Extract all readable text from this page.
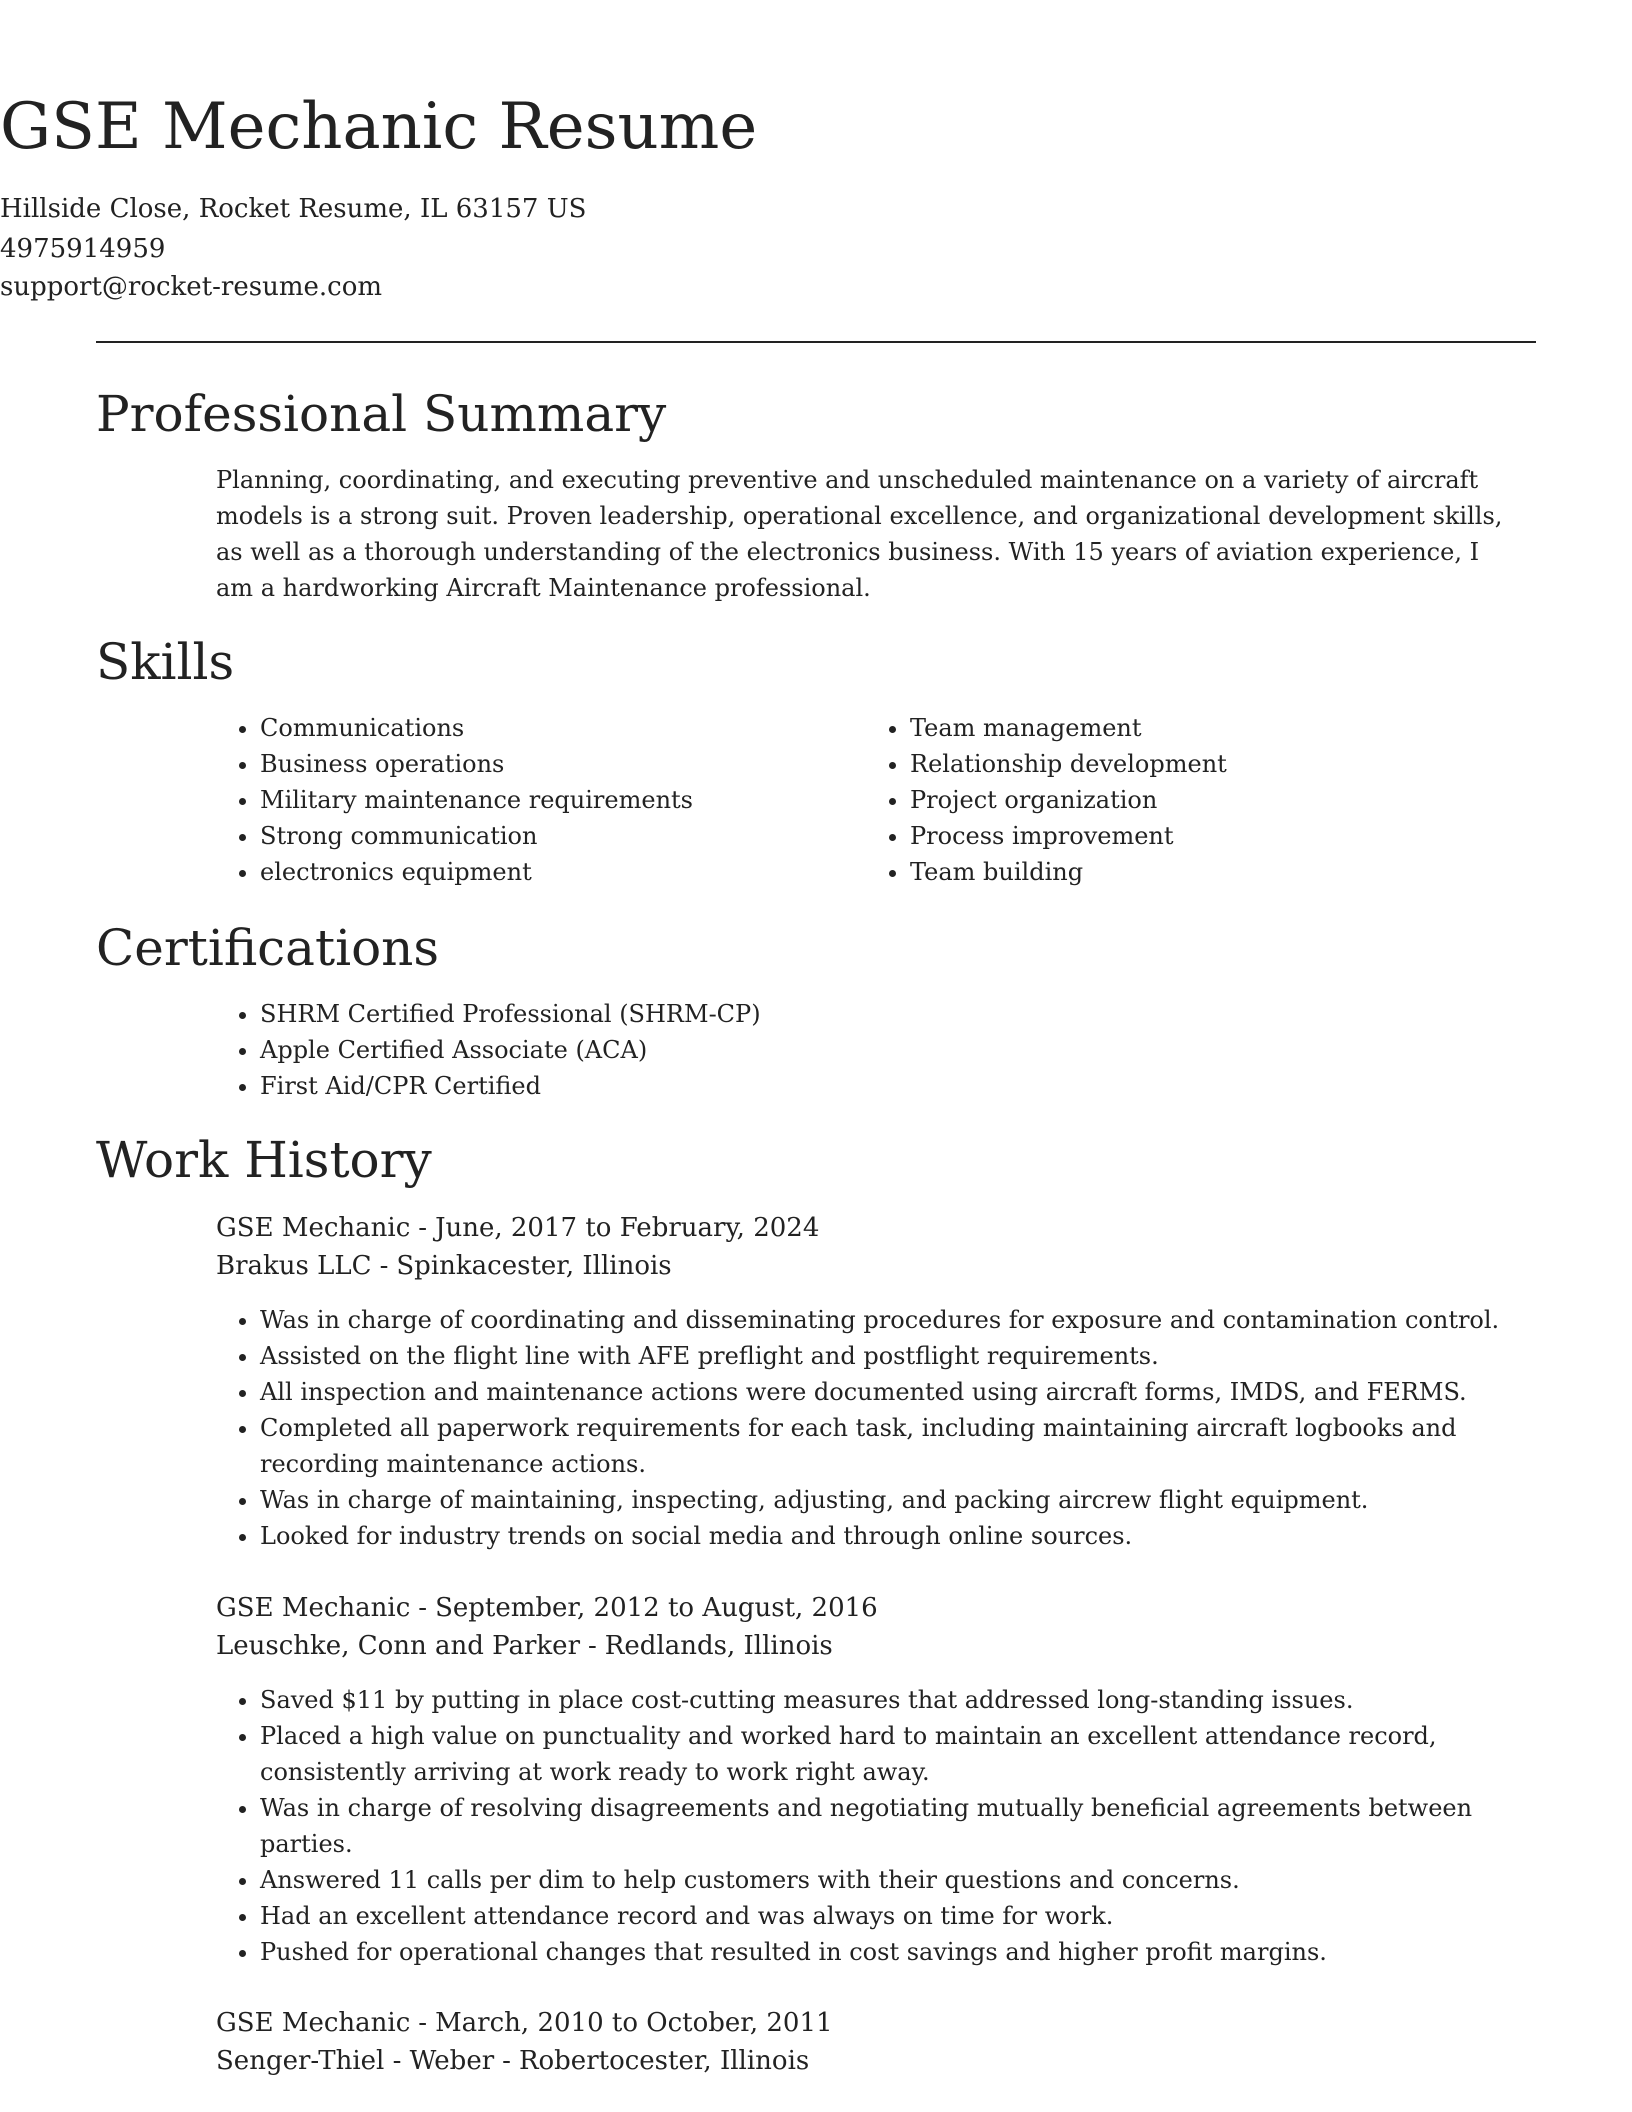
GSE Mechanic Resume
Hillside Close, Rocket Resume, IL 63157 US
4975914959
support@rocket-resume.com
Professional Summary
Planning, coordinating, and executing preventive and unscheduled maintenance on a variety of aircraft models is a strong suit. Proven leadership, operational excellence, and organizational development skills, as well as a thorough understanding of the electronics business. With 15 years of aviation experience, I am a hardworking Aircraft Maintenance professional.
Skills
• Communications
• Business operations
• Military maintenance requirements
• Strong communication
• electronics equipment
• Team management
• Relationship development
• Project organization
• Process improvement
• Team building
Certifications
• SHRM Certified Professional (SHRM-CP)
• Apple Certified Associate (ACA)
• First Aid/CPR Certified
Work History
GSE Mechanic - June, 2017 to February, 2024
Brakus LLC - Spinkacester, Illinois
• Was in charge of coordinating and disseminating procedures for exposure and contamination control.
• Assisted on the flight line with AFE preflight and postflight requirements.
• All inspection and maintenance actions were documented using aircraft forms, IMDS, and FERMS.
• Completed all paperwork requirements for each task, including maintaining aircraft logbooks and recording maintenance actions.
• Was in charge of maintaining, inspecting, adjusting, and packing aircrew flight equipment.
• Looked for industry trends on social media and through online sources.
GSE Mechanic - September, 2012 to August, 2016
Leuschke, Conn and Parker - Redlands, Illinois
• Saved $11 by putting in place cost-cutting measures that addressed long-standing issues.
• Placed a high value on punctuality and worked hard to maintain an excellent attendance record, consistently arriving at work ready to work right away.
• Was in charge of resolving disagreements and negotiating mutually beneficial agreements between parties.
• Answered 11 calls per dim to help customers with their questions and concerns.
• Had an excellent attendance record and was always on time for work.
• Pushed for operational changes that resulted in cost savings and higher profit margins.
GSE Mechanic - March, 2010 to October, 2011
Senger-Thiel - Weber - Robertocester, Illinois
